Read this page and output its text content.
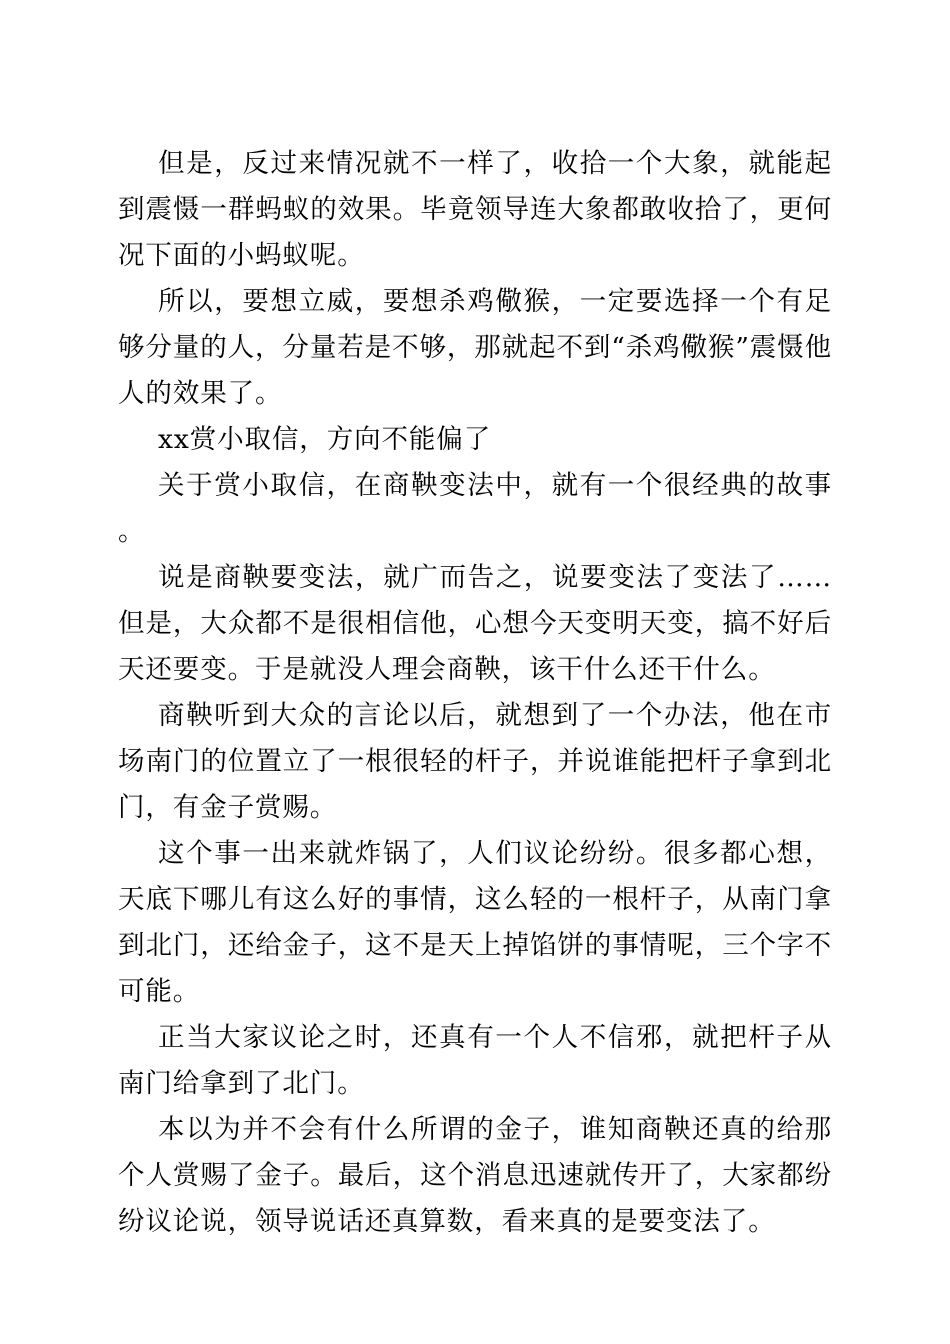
但是，反过来情况就不一样了，收拾一个大象，就能起到震慑一群蚂蚁的效果。毕竟领导连大象都敢收拾了，更何况下面的小蚂蚁呢。

所以，要想立威，要想杀鸡儆猴，一定要选择一个有足够分量的人，分量若是不够，那就起不到“杀鸡儆猴”震慑他人的效果了。

xx赏小取信，方向不能偏了

关于赏小取信，在商鞅变法中，就有一个很经典的故事。

说是商鞅要变法，就广而告之，说要变法了变法了……但是，大众都不是很相信他，心想今天变明天变，搞不好后天还要变。于是就没人理会商鞅，该干什么还干什么。

商鞅听到大众的言论以后，就想到了一个办法，他在市场南门的位置立了一根很轻的杆子，并说谁能把杆子拿到北门，有金子赏赐。

这个事一出来就炸锅了，人们议论纷纷。很多都心想，天底下哪儿有这么好的事情，这么轻的一根杆子，从南门拿到北门，还给金子，这不是天上掉馅饼的事情呢，三个字不可能。

正当大家议论之时，还真有一个人不信邪，就把杆子从南门给拿到了北门。

本以为并不会有什么所谓的金子，谁知商鞅还真的给那个人赏赐了金子。最后，这个消息迅速就传开了，大家都纷纷议论说，领导说话还真算数，看来真的是要变法了。
